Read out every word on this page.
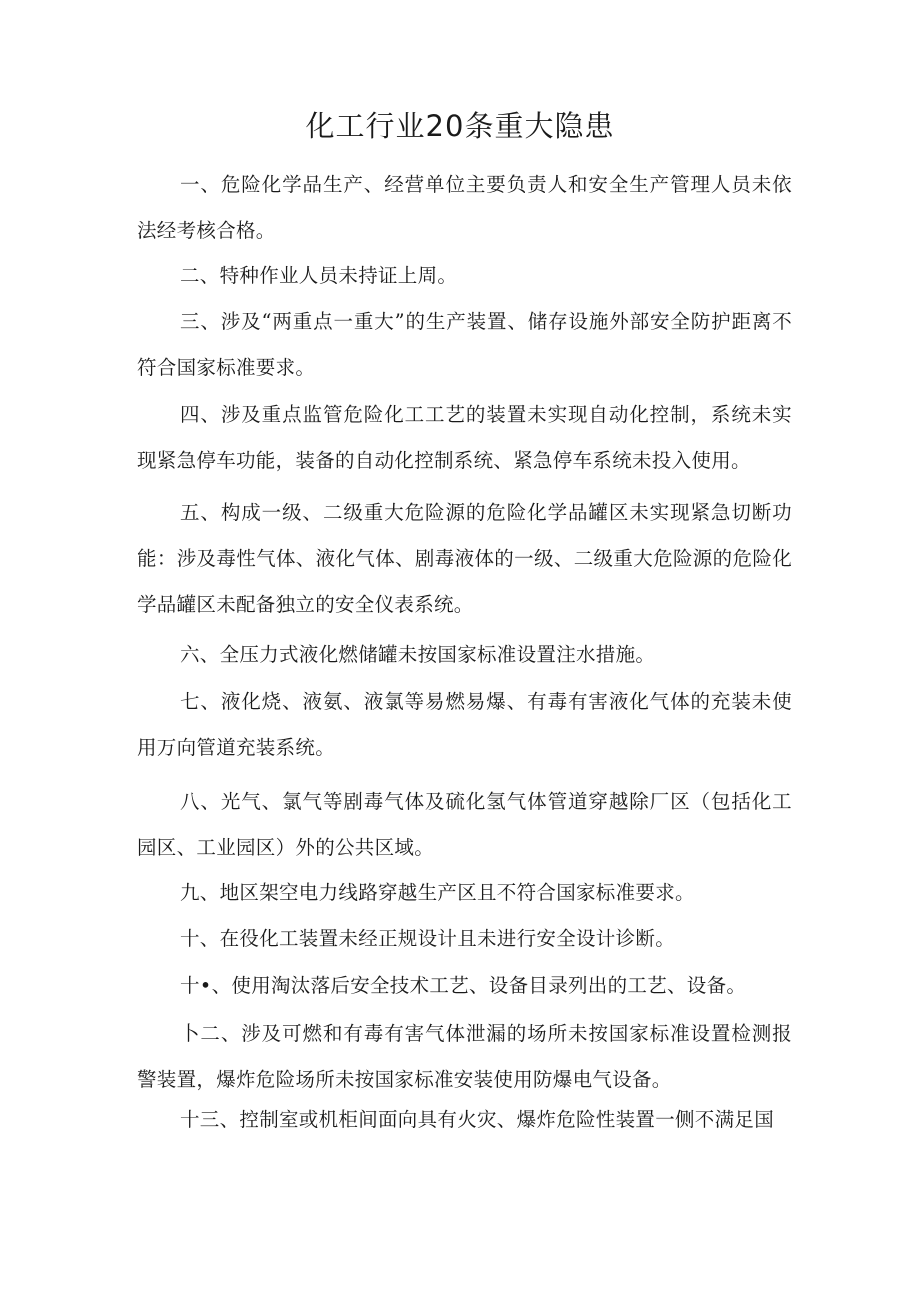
化工行业20条重大隐患

一、危险化学品生产、经营单位主要负责人和安全生产管理人员未依法经考核合格。

二、特种作业人员未持证上周。

三、涉及“两重点一重大”的生产装置、储存设施外部安全防护距离不符合国家标准要求。

四、涉及重点监管危险化工工艺的装置未实现自动化控制，系统未实现紧急停车功能，装备的自动化控制系统、紧急停车系统未投入使用。

五、构成一级、二级重大危险源的危险化学品罐区未实现紧急切断功能：涉及毒性气体、液化气体、剧毒液体的一级、二级重大危险源的危险化学品罐区未配备独立的安全仪表系统。

六、全压力式液化燃储罐未按国家标准设置注水措施。

七、液化烧、液氨、液氯等易燃易爆、有毒有害液化气体的充装未使用万向管道充装系统。

八、光气、氯气等剧毒气体及硫化氢气体管道穿越除厂区（包括化工园区、工业园区）外的公共区域。

九、地区架空电力线路穿越生产区且不符合国家标准要求。

十、在役化工装置未经正规设计且未进行安全设计诊断。

十•、使用淘汰落后安全技术工艺、设备目录列出的工艺、设备。

卜二、涉及可燃和有毒有害气体泄漏的场所未按国家标准设置检测报警装置，爆炸危险场所未按国家标准安装使用防爆电气设备。

十三、控制室或机柜间面向具有火灾、爆炸危险性装置一侧不满足国
